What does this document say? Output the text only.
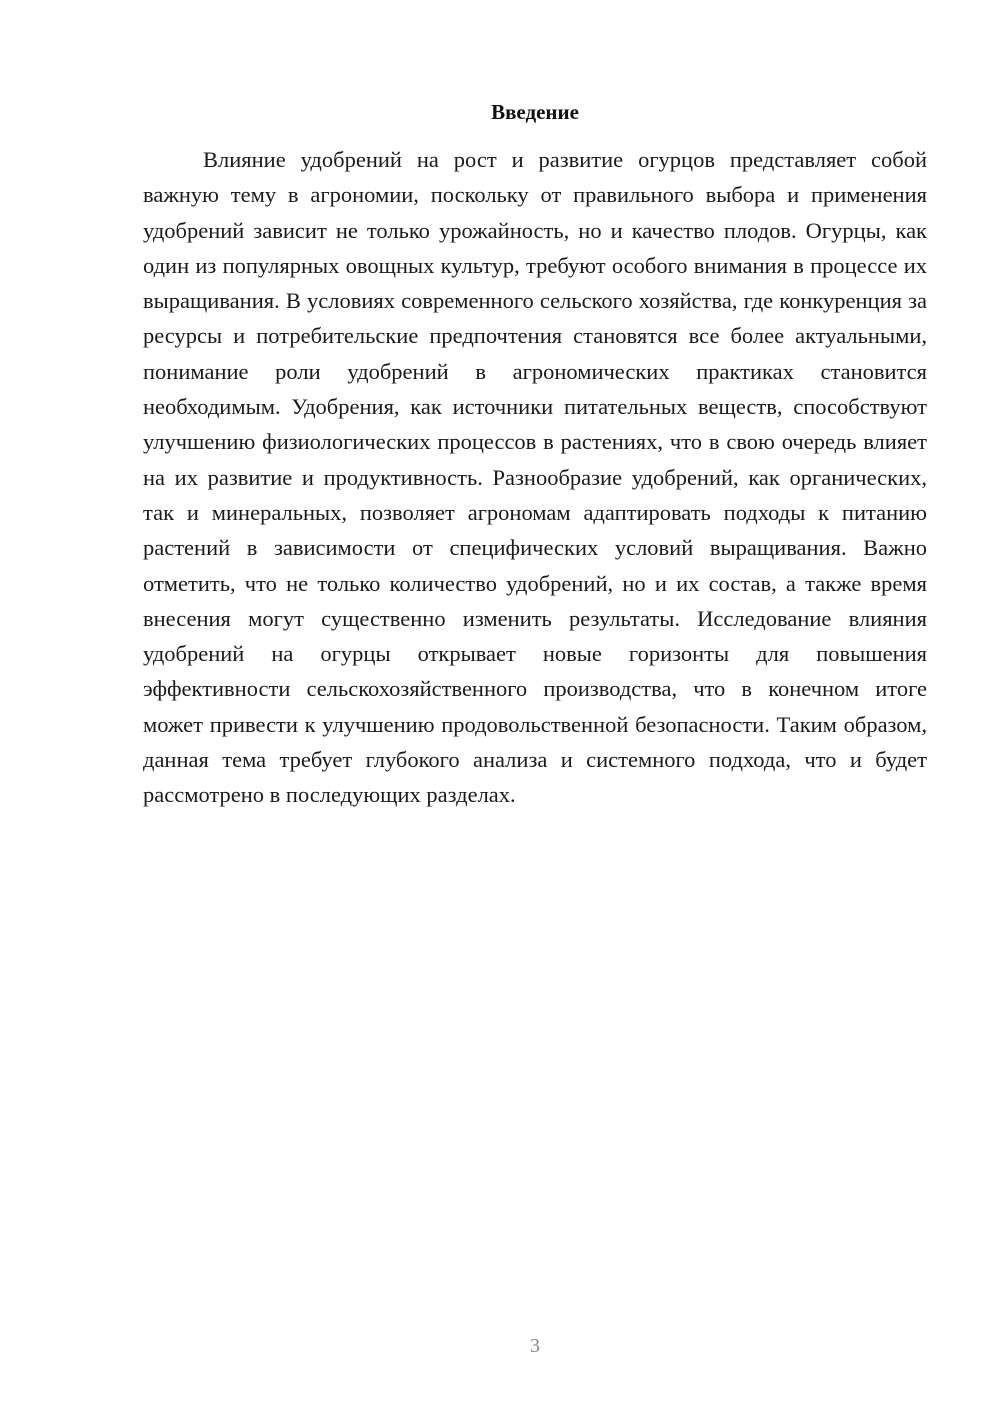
Введение

Влияние удобрений на рост и развитие огурцов представляет собой важную тему в агрономии, поскольку от правильного выбора и применения удобрений зависит не только урожайность, но и качество плодов. Огурцы, как один из популярных овощных культур, требуют особого внимания в процессе их выращивания. В условиях современного сельского хозяйства, где конкуренция за ресурсы и потребительские предпочтения становятся все более актуальными, понимание роли удобрений в агрономических практиках становится необходимым. Удобрения, как источники питательных веществ, способствуют улучшению физиологических процессов в растениях, что в свою очередь влияет на их развитие и продуктивность. Разнообразие удобрений, как органических, так и минеральных, позволяет агрономам адаптировать подходы к питанию растений в зависимости от специфических условий выращивания. Важно отметить, что не только количество удобрений, но и их состав, а также время внесения могут существенно изменить результаты. Исследование влияния удобрений на огурцы открывает новые горизонты для повышения эффективности сельскохозяйственного производства, что в конечном итоге может привести к улучшению продовольственной безопасности. Таким образом, данная тема требует глубокого анализа и системного подхода, что и будет рассмотрено в последующих разделах.

3
